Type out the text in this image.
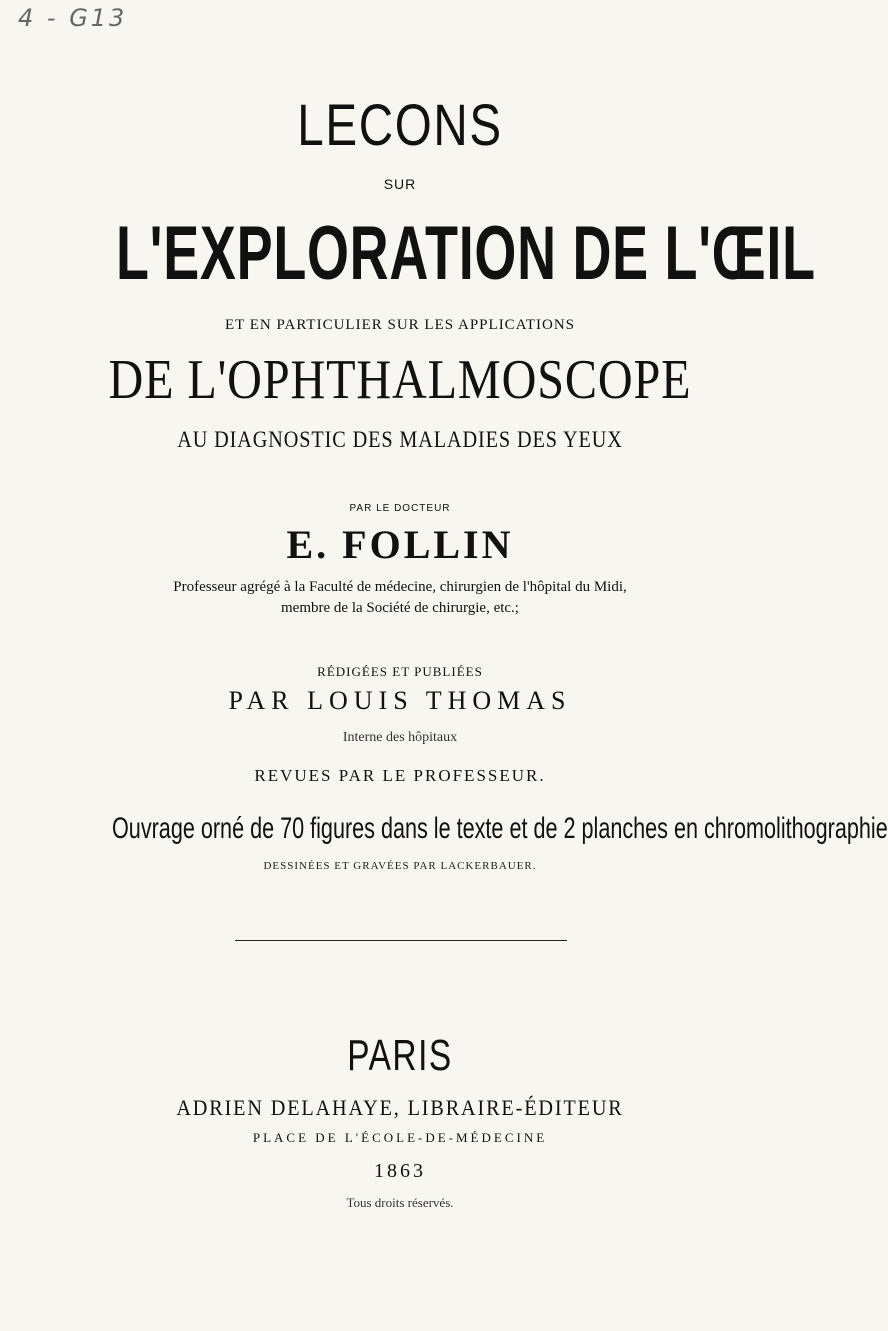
4 - G13
LECONS
SUR
L'EXPLORATION DE L'ŒIL
ET EN PARTICULIER SUR LES APPLICATIONS
DE L'OPHTHALMOSCOPE
AU DIAGNOSTIC DES MALADIES DES YEUX
PAR LE DOCTEUR
E. FOLLIN
Professeur agrégé à la Faculté de médecine, chirurgien de l'hôpital du Midi,
membre de la Société de chirurgie, etc.;
RÉDIGÉES ET PUBLIÉES
PAR LOUIS THOMAS
Interne des hôpitaux
REVUES PAR LE PROFESSEUR.
Ouvrage orné de 70 figures dans le texte et de 2 planches en chromolithographie
DESSINÉES ET GRAVÉES PAR LACKERBAUER.
PARIS
ADRIEN DELAHAYE, LIBRAIRE-ÉDITEUR
PLACE DE L'ÉCOLE-DE-MÉDECINE
1863
Tous droits réservés.
